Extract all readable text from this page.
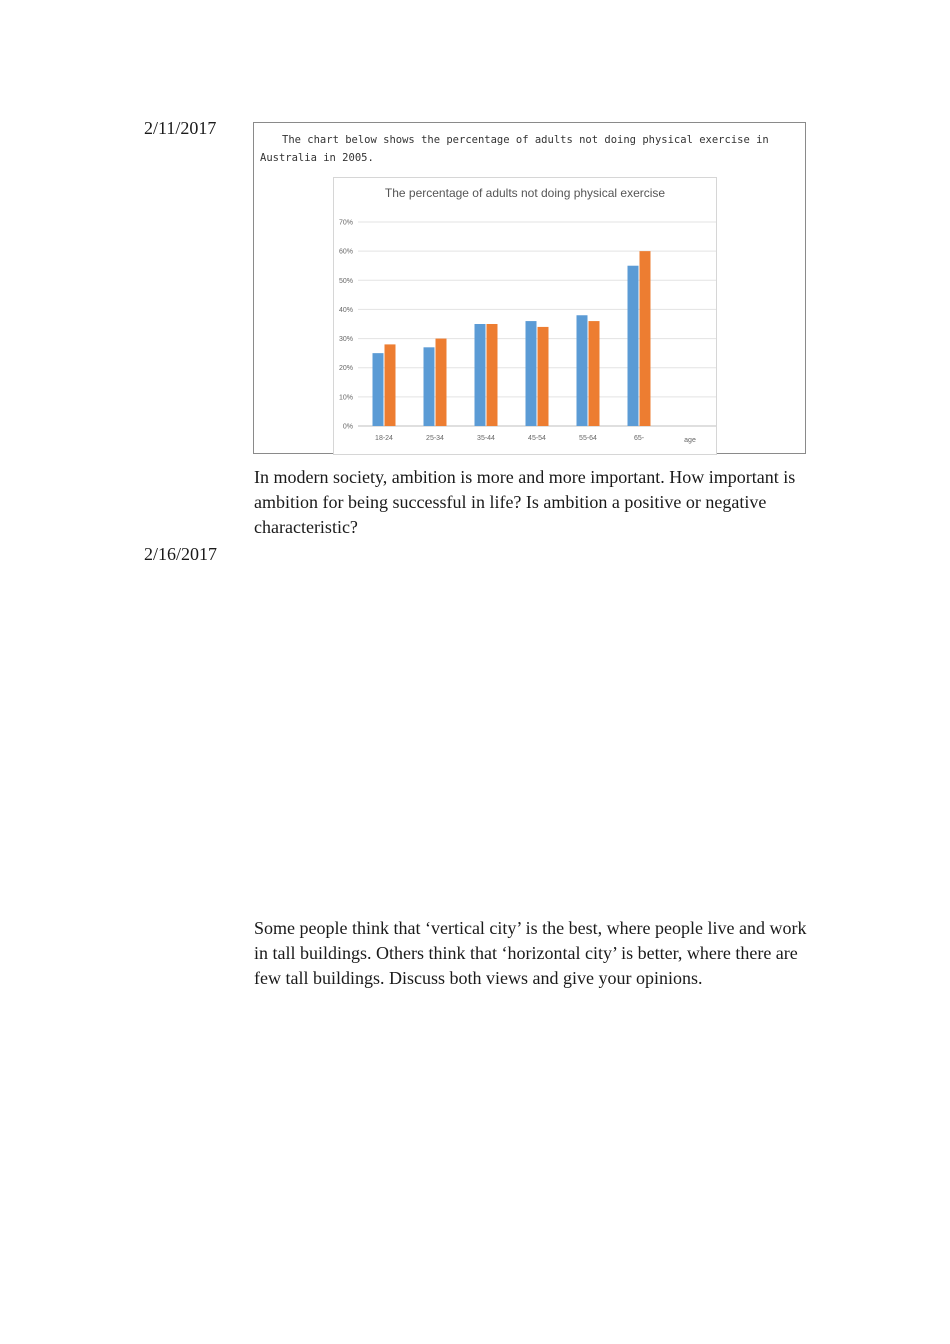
2/11/2017
The chart below shows the percentage of adults not doing physical exercise in Australia in 2005.
The percentage of adults not doing physical exercise
0%
10%
20%
30%
40%
50%
60%
70%
18-24	25-34	35-44	45-54	55-64	65-	age

In modern society, ambition is more and more important. How important is ambition for being successful in life? Is ambition a positive or negative characteristic?

2/16/2017

Some people think that ‘vertical city’ is the best, where people live and work in tall buildings. Others think that ‘horizontal city’ is better, where there are few tall buildings. Discuss both views and give your opinions.
